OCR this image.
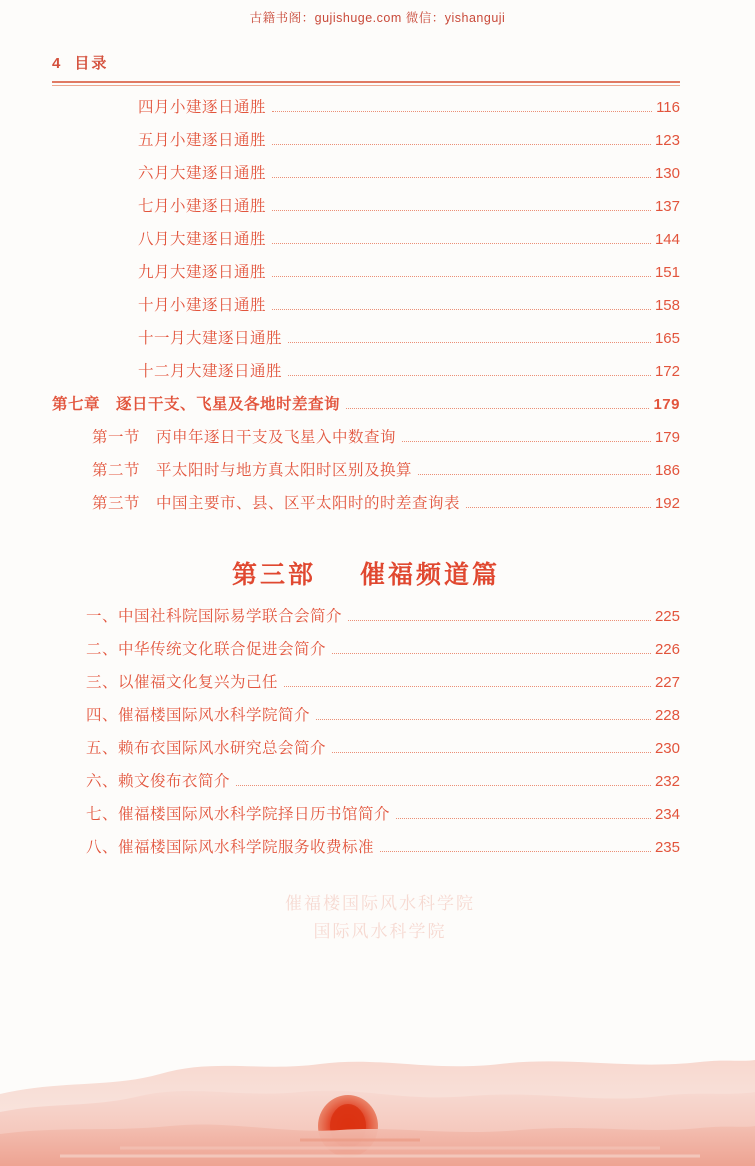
古籍书阁：gujishuge.com 微信：yishanguji
4 目录
四月小建逐日通胜	116
五月小建逐日通胜	123
六月大建逐日通胜	130
七月小建逐日通胜	137
八月大建逐日通胜	144
九月大建逐日通胜	151
十月小建逐日通胜	158
十一月大建逐日通胜	165
十二月大建逐日通胜	172
第七章　逐日干支、飞星及各地时差查询	179
第一节　丙申年逐日干支及飞星入中数查询	179
第二节　平太阳时与地方真太阳时区别及换算	186
第三节　中国主要市、县、区平太阳时的时差查询表	192
第三部 催福频道篇
一、中国社科院国际易学联合会简介	225
二、中华传统文化联合促进会简介	226
三、以催福文化复兴为己任	227
四、催福楼国际风水科学院简介	228
五、赖布衣国际风水研究总会简介	230
六、赖文俊布衣简介	232
七、催福楼国际风水科学院择日历书馆简介	234
八、催福楼国际风水科学院服务收费标准	235
催福楼国际风水科学院
国际风水科学院
